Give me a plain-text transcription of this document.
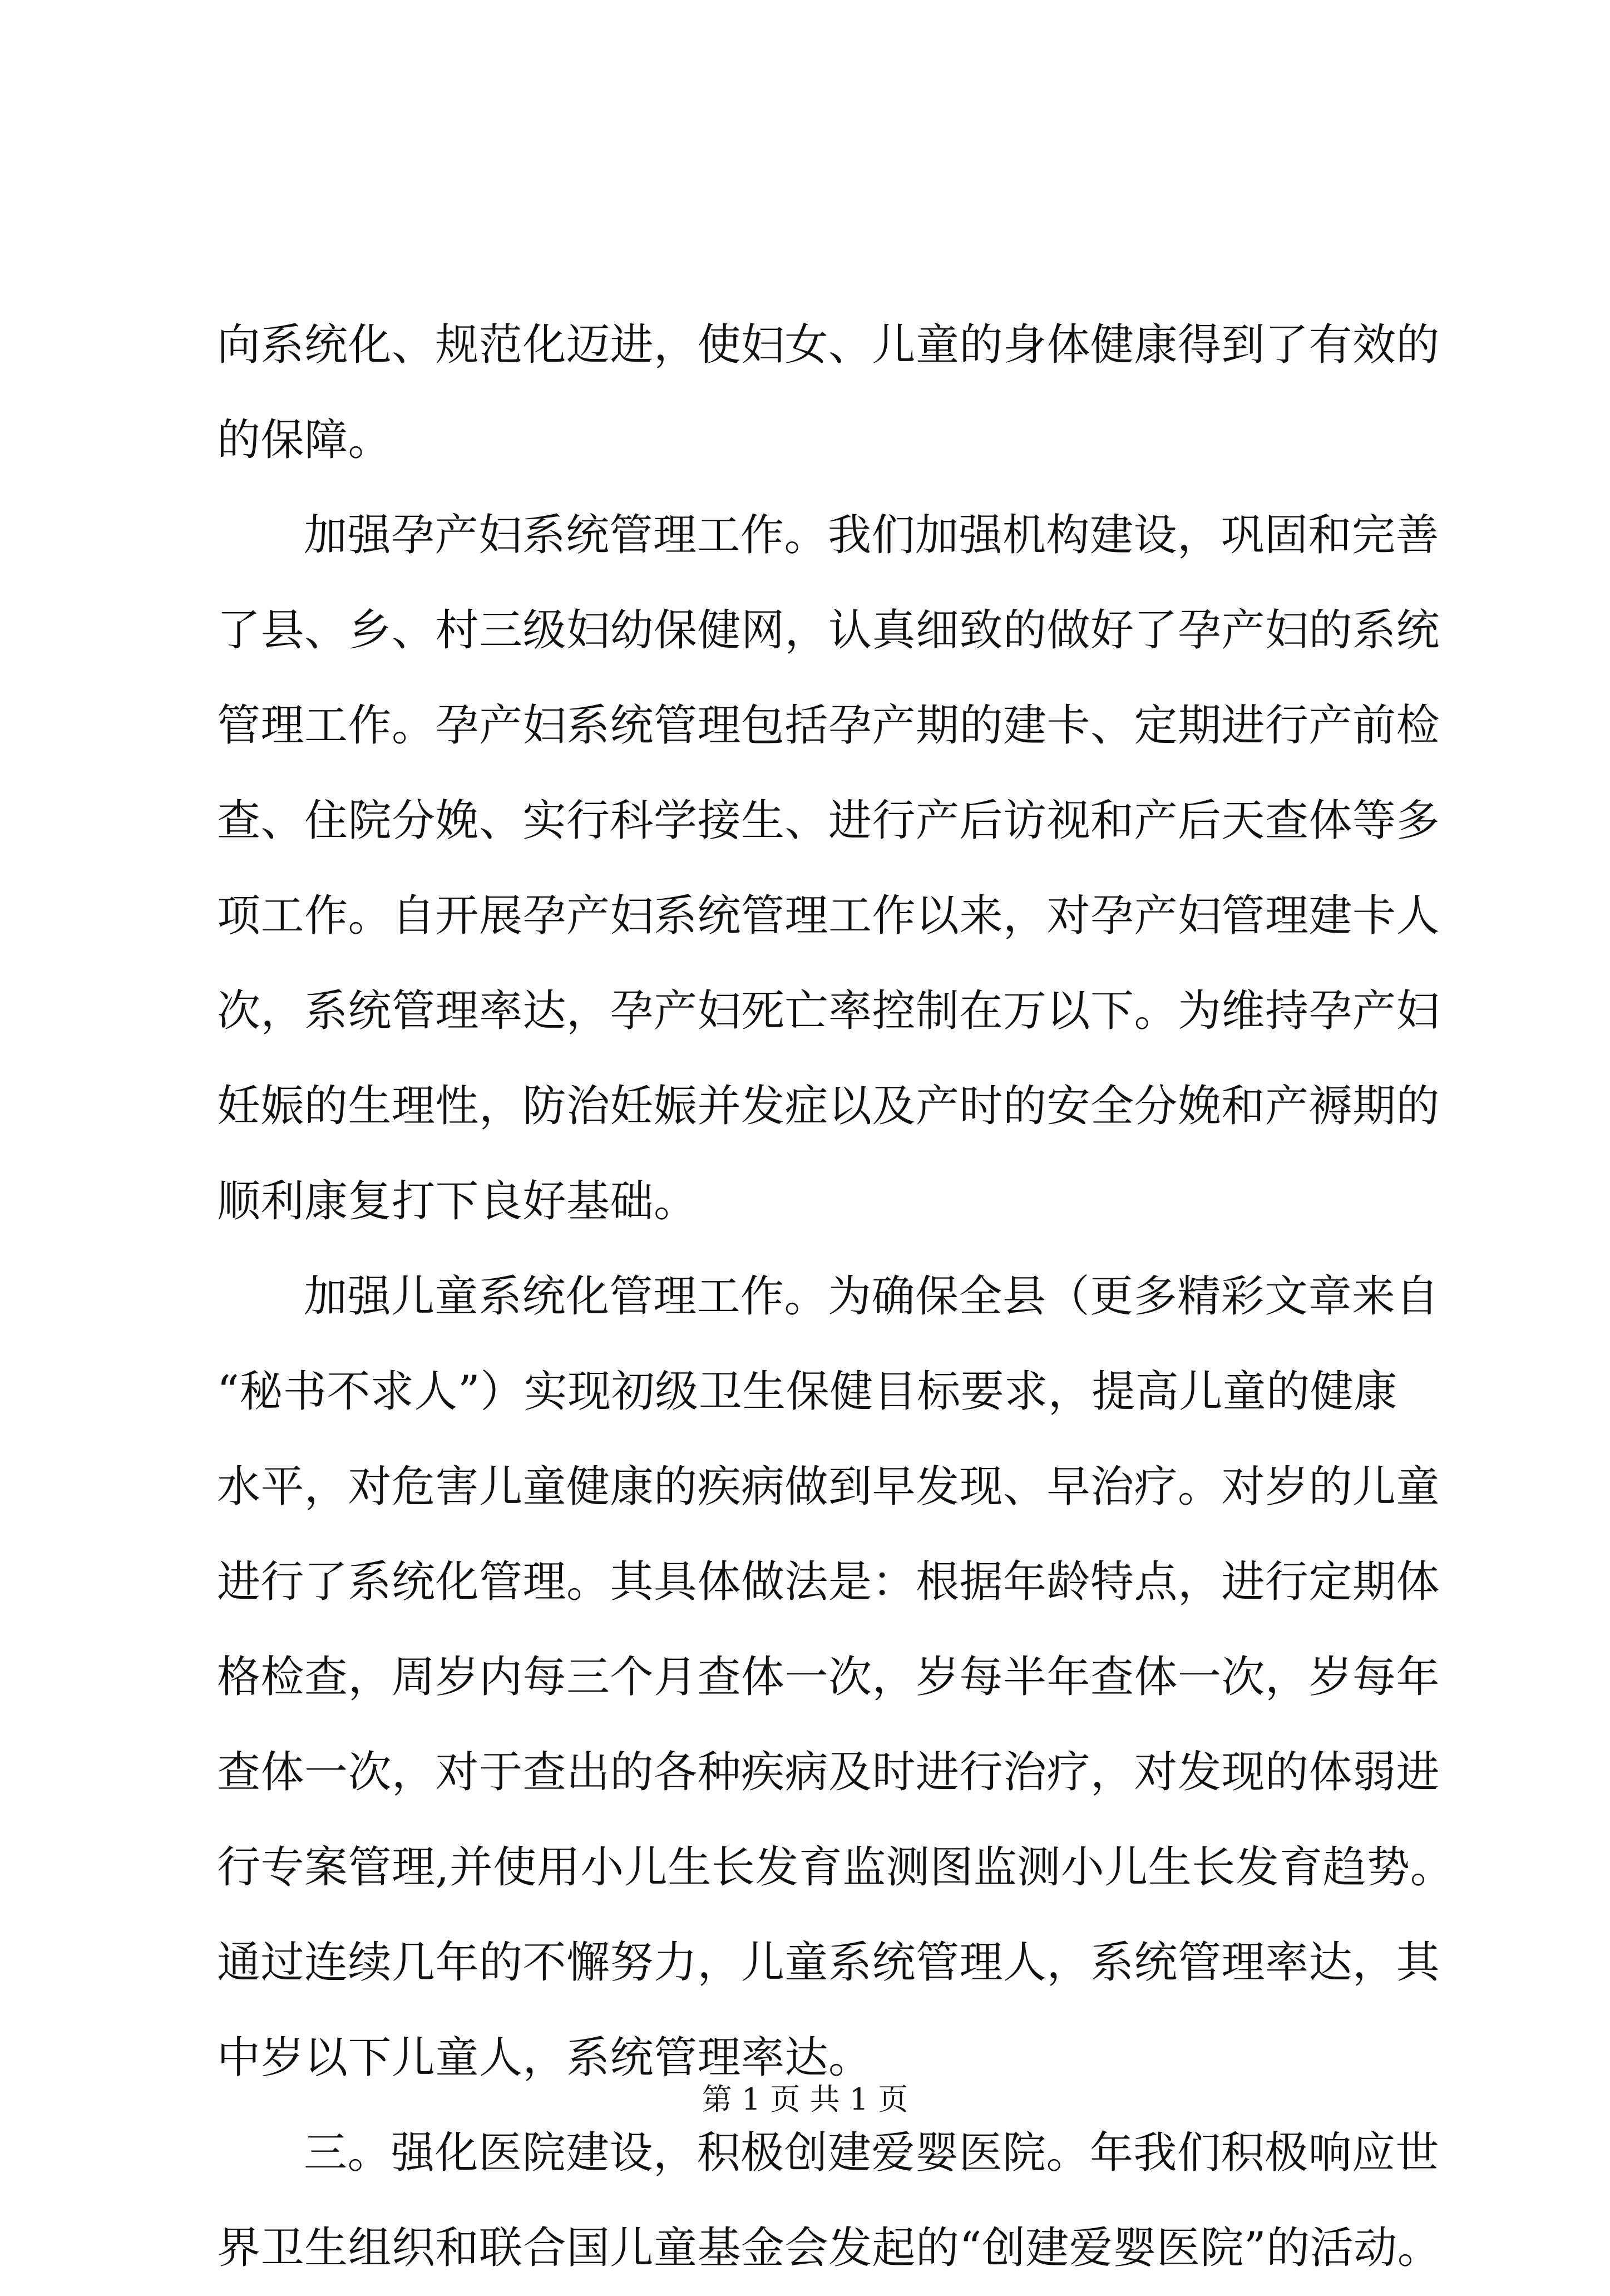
向系统化、规范化迈进，使妇女、儿童的身体健康得到了有效的
的保障。
加强孕产妇系统管理工作。我们加强机构建设，巩固和完善
了县、乡、村三级妇幼保健网，认真细致的做好了孕产妇的系统
管理工作。孕产妇系统管理包括孕产期的建卡、定期进行产前检
查、住院分娩、实行科学接生、进行产后访视和产后天查体等多
项工作。自开展孕产妇系统管理工作以来，对孕产妇管理建卡人
次，系统管理率达，孕产妇死亡率控制在万以下。为维持孕产妇
妊娠的生理性，防治妊娠并发症以及产时的安全分娩和产褥期的
顺利康复打下良好基础。
加强儿童系统化管理工作。为确保全县（更多精彩文章来自
“秘书不求人”）实现初级卫生保健目标要求，提高儿童的健康
水平，对危害儿童健康的疾病做到早发现、早治疗。对岁的儿童
进行了系统化管理。其具体做法是：根据年龄特点，进行定期体
格检查，周岁内每三个月查体一次，岁每半年查体一次，岁每年
查体一次，对于查出的各种疾病及时进行治疗，对发现的体弱进
行专案管理,并使用小儿生长发育监测图监测小儿生长发育趋势。
通过连续几年的不懈努力，儿童系统管理人，系统管理率达，其
中岁以下儿童人，系统管理率达。
三。强化医院建设，积极创建爱婴医院。年我们积极响应世
界卫生组织和联合国儿童基金会发起的“创建爱婴医院”的活动。
第 1 页 共 1 页
